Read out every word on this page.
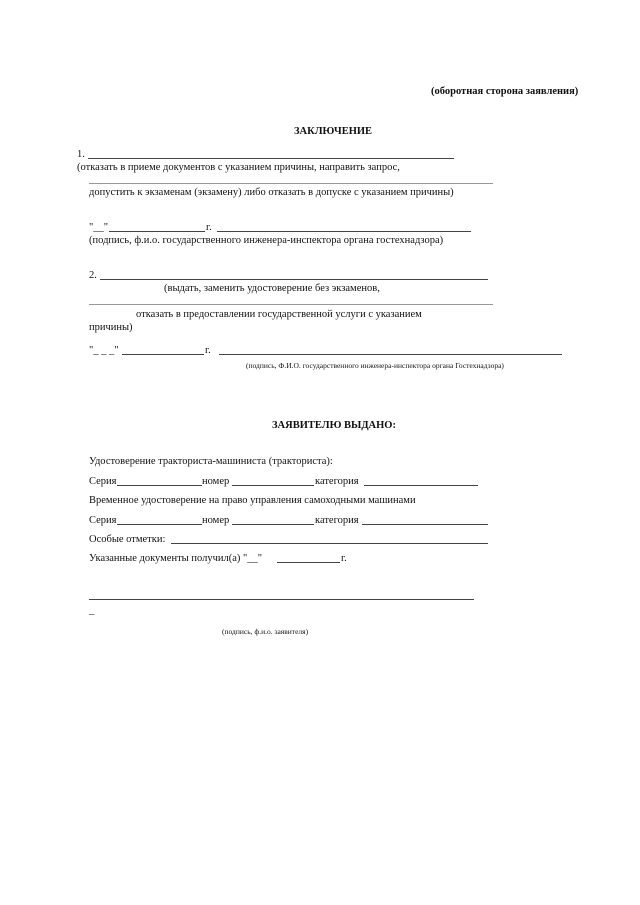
(оборотная сторона заявления)
ЗАКЛЮЧЕНИЕ
1.
(отказать в приеме документов с указанием причины, направить запрос,
допустить к экзаменам (экзамену) либо отказать в допуске с указанием причины)
"__"	г.
(подпись, ф.и.о. государственного инженера-инспектора органа гостехнадзора)
2.
(выдать, заменить удостоверение без экзаменов,
отказать в предоставлении государственной услуги с указанием
причины)
"_ _ _"	г.
(подпись, Ф.И.О. государственного инженера-инспектора органа Гостехнадзора)
ЗАЯВИТЕЛЮ ВЫДАНО:
Удостоверение тракториста-машиниста (тракториста):
Серия	номер	категория
Временное удостоверение на право управления самоходными машинами
Серия	номер	категория
Особые отметки:
Указанные документы получил(а) "__"	г.
–
(подпись, ф.и.о. заявителя)
